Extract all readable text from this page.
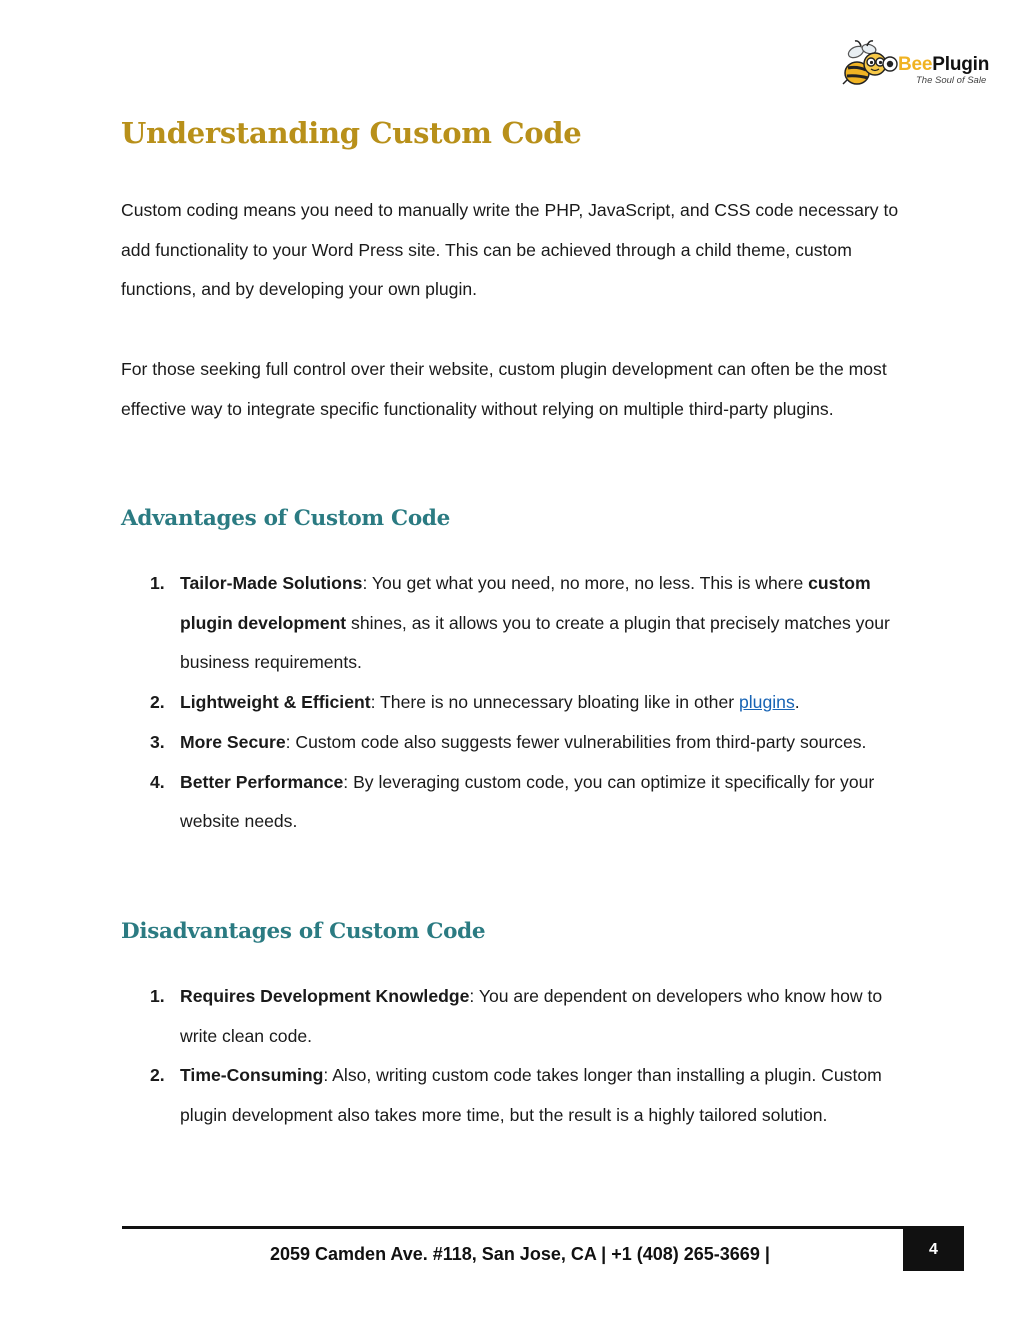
BeePlugin
The Soul of Sale
Understanding Custom Code

Custom coding means you need to manually write the PHP, JavaScript, and CSS code necessary to add functionality to your Word Press site. This can be achieved through a child theme, custom functions, and by developing your own plugin.

For those seeking full control over their website, custom plugin development can often be the most effective way to integrate specific functionality without relying on multiple third-party plugins.

Advantages of Custom Code
1. Tailor-Made Solutions: You get what you need, no more, no less. This is where custom plugin development shines, as it allows you to create a plugin that precisely matches your business requirements.
2. Lightweight & Efficient: There is no unnecessary bloating like in other plugins.
3. More Secure: Custom code also suggests fewer vulnerabilities from third-party sources.
4. Better Performance: By leveraging custom code, you can optimize it specifically for your website needs.
Disadvantages of Custom Code
1. Requires Development Knowledge: You are dependent on developers who know how to write clean code.
2. Time-Consuming: Also, writing custom code takes longer than installing a plugin. Custom plugin development also takes more time, but the result is a highly tailored solution.
2059 Camden Ave. #118, San Jose, CA | +1 (408) 265-3669 |	4
